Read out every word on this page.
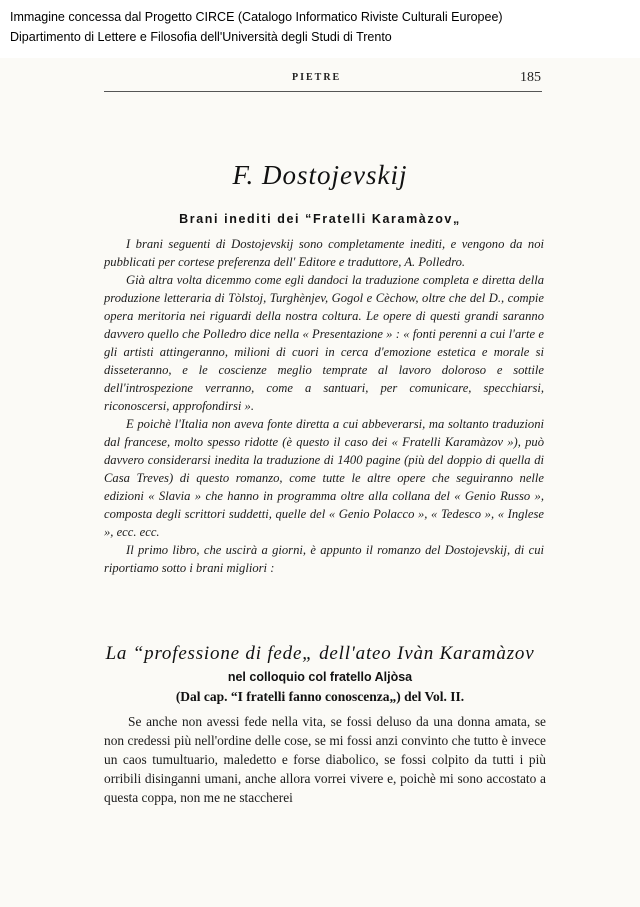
Immagine concessa dal Progetto CIRCE (Catalogo Informatico Riviste Culturali Europee)
Dipartimento di Lettere e Filosofia dell'Università degli Studi di Trento
PIETRE	185
F. Dostojevskij
Brani inediti dei “Fratelli Karamàzov„

I brani seguenti di Dostojevskij sono completamente inediti, e vengono da noi pubblicati per cortese preferenza dell' Editore e traduttore, A. Polledro.

Già altra volta dicemmo come egli dandoci la traduzione completa e diretta della produzione letteraria di Tòlstoj, Turghènjev, Gogol e Cèchow, oltre che del D., compie opera meritoria nei riguardi della nostra coltura. Le opere di questi grandi saranno davvero quello che Polledro dice nella « Presentazione » : « fonti perenni a cui l'arte e gli artisti attingeranno, milioni di cuori in cerca d'emozione estetica e morale si disseteranno, e le coscienze meglio temprate al lavoro doloroso e sottile dell'introspezione verranno, come a santuari, per comunicare, specchiarsi, riconoscersi, approfondirsi ».

E poichè l'Italia non aveva fonte diretta a cui abbeverarsi, ma soltanto traduzioni dal francese, molto spesso ridotte (è questo il caso dei « Fratelli Karamàzov »), può davvero considerarsi inedita la traduzione di 1400 pagine (più del doppio di quella di Casa Treves) di questo romanzo, come tutte le altre opere che seguiranno nelle edizioni « Slavia » che hanno in programma oltre alla collana del « Genio Russo », composta degli scrittori suddetti, quelle del « Genio Polacco », « Tedesco », « Inglese », ecc. ecc.

Il primo libro, che uscirà a giorni, è appunto il romanzo del Dostojevskij, di cui riportiamo sotto i brani migliori :

La “professione di fede„ dell'ateo Ivàn Karamàzov
nel colloquio col fratello Aljòsa
(Dal cap. “I fratelli fanno conoscenza„) del Vol. II.

Se anche non avessi fede nella vita, se fossi deluso da una donna amata, se non credessi più nell'ordine delle cose, se mi fossi anzi convinto che tutto è invece un caos tumultuario, maledetto e forse diabolico, se fossi colpito da tutti i più orribili disinganni umani, anche allora vorrei vivere e, poichè mi sono accostato a questa coppa, non me ne staccherei
